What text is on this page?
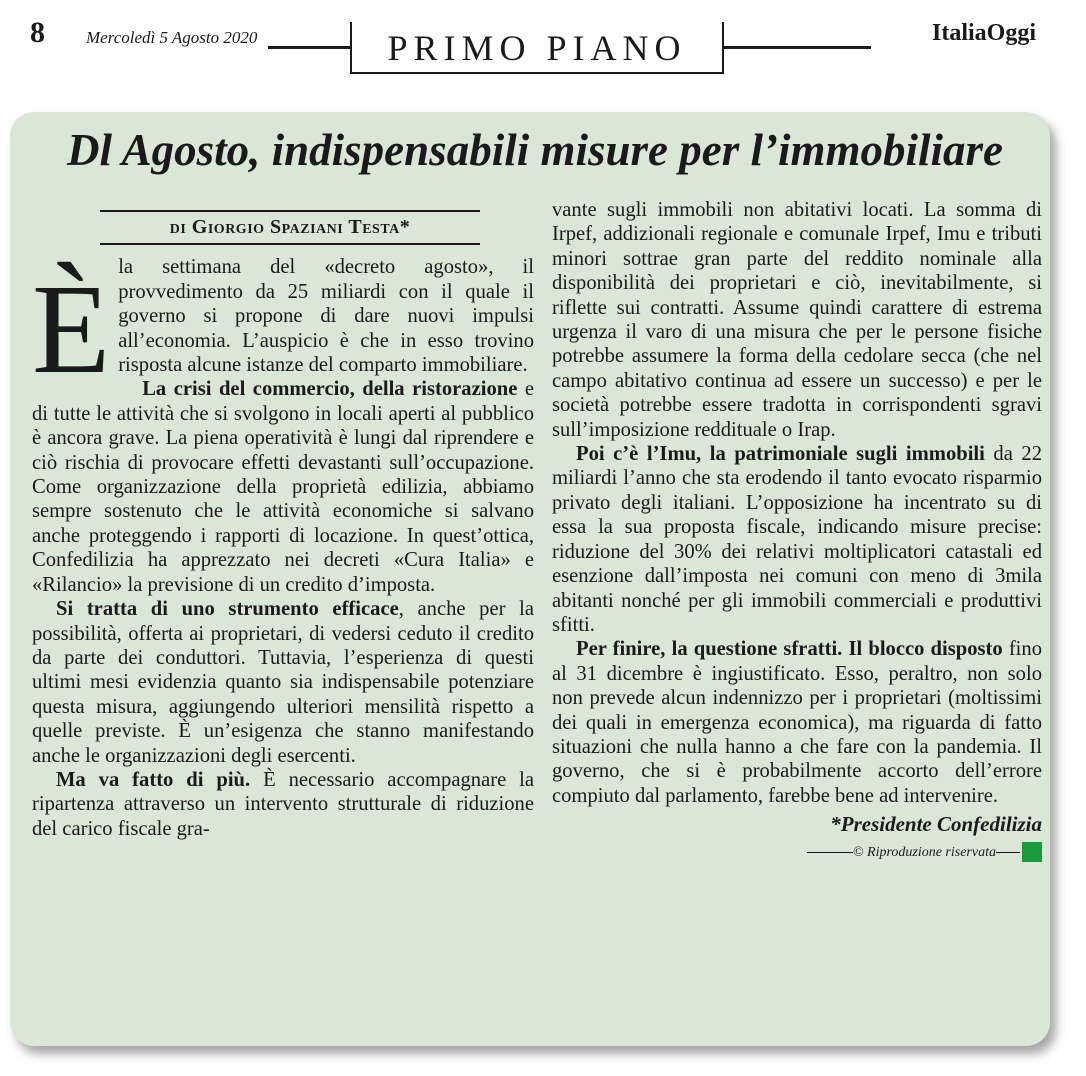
8 Mercoledì 5 Agosto 2020	PRIMO PIANO	ItaliaOggi
Dl Agosto, indispensabili misure per l’immobiliare
di Giorgio Spaziani Testa*

Èla settimana del «decreto agosto», il provvedimento da 25 miliardi con il quale il governo si propone di dare nuovi impulsi all’economia. L’auspicio è che in esso trovino risposta alcune istanze del comparto immobiliare.

La crisi del commercio, della ristorazione e di tutte le attività che si svolgono in locali aperti al pubblico è ancora grave. La piena operatività è lungi dal riprendere e ciò rischia di provocare effetti devastanti sull’occupazione. Come organizzazione della proprietà edilizia, abbiamo sempre sostenuto che le attività economiche si salvano anche proteggendo i rapporti di locazione. In quest’ottica, Confedilizia ha apprezzato nei decreti «Cura Italia» e «Rilancio» la previsione di un credito d’imposta.

Si tratta di uno strumento efficace, anche per la possibilità, offerta ai proprietari, di vedersi ceduto il credito da parte dei conduttori. Tuttavia, l’esperienza di questi ultimi mesi evidenzia quanto sia indispensabile potenziare questa misura, aggiungendo ulteriori mensilità rispetto a quelle previste. È un’esigenza che stanno manifestando anche le organizzazioni degli esercenti.

Ma va fatto di più. È necessario accompagnare la ripartenza attraverso un intervento strutturale di riduzione del carico fiscale gra-

vante sugli immobili non abitativi locati. La somma di Irpef, addizionali regionale e comunale Irpef, Imu e tributi minori sottrae gran parte del reddito nominale alla disponibilità dei proprietari e ciò, inevitabilmente, si riflette sui contratti. Assume quindi carattere di estrema urgenza il varo di una misura che per le persone fisiche potrebbe assumere la forma della cedolare secca (che nel campo abitativo continua ad essere un successo) e per le società potrebbe essere tradotta in corrispondenti sgravi sull’imposizione reddituale o Irap.

Poi c’è l’Imu, la patrimoniale sugli immobili da 22 miliardi l’anno che sta erodendo il tanto evocato risparmio privato degli italiani. L’opposizione ha incentrato su di essa la sua proposta fiscale, indicando misure precise: riduzione del 30% dei relativi moltiplicatori catastali ed esenzione dall’imposta nei comuni con meno di 3mila abitanti nonché per gli immobili commerciali e produttivi sfitti.

Per finire, la questione sfratti. Il blocco disposto fino al 31 dicembre è ingiustificato. Esso, peraltro, non solo non prevede alcun indennizzo per i proprietari (moltissimi dei quali in emergenza economica), ma riguarda di fatto situazioni che nulla hanno a che fare con la pandemia. Il governo, che si è probabilmente accorto dell’errore compiuto dal parlamento, farebbe bene ad intervenire.

*Presidente Confedilizia
© Riproduzione riservata
